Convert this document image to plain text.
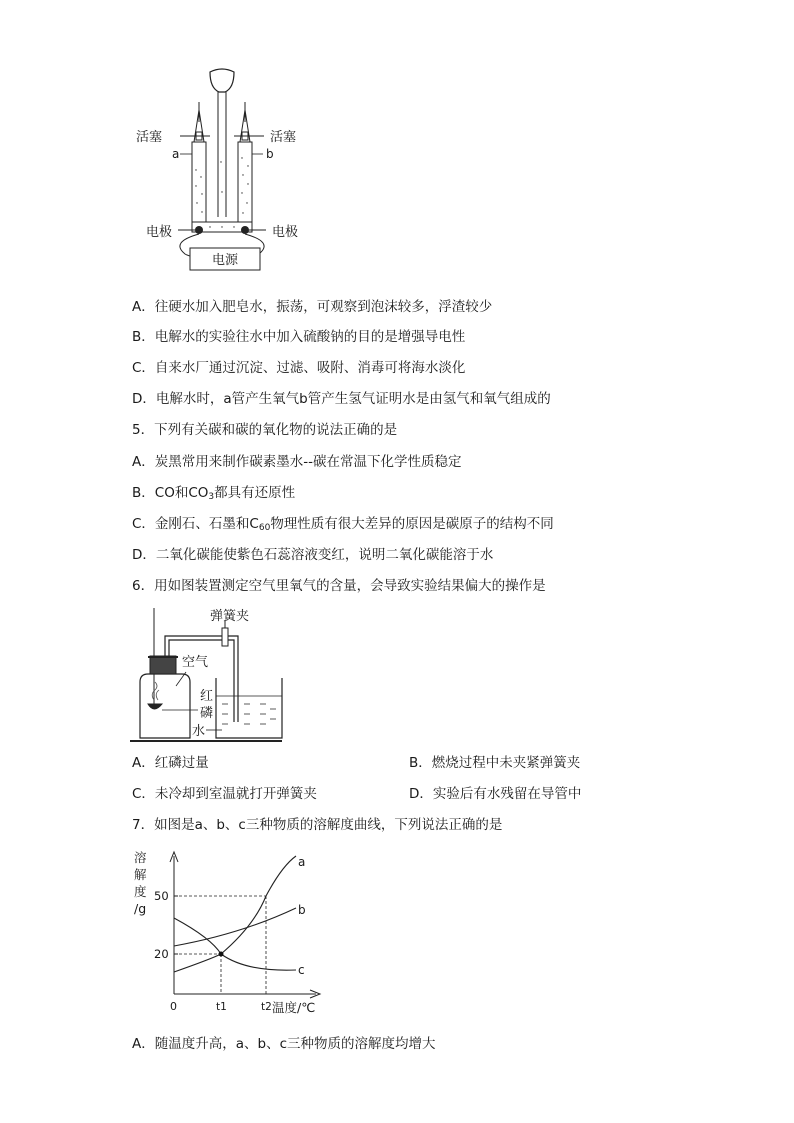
电源
活塞	活塞
a	b
电极	电极
A．往硬水加入肥皂水，振荡，可观察到泡沫较多，浮渣较少
B．电解水的实验往水中加入硫酸钠的目的是增强导电性
C．自来水厂通过沉淀、过滤、吸附、消毒可将海水淡化
D．电解水时，a管产生氧气b管产生氢气证明水是由氢气和氧气组成的
5．下列有关碳和碳的氧化物的说法正确的是
A．炭黑常用来制作碳素墨水--碳在常温下化学性质稳定
B．CO和$CO_3$都具有还原性
C．金刚石、石墨和$C_{60}$物理性质有很大差异的原因是碳原子的结构不同
D．二氧化碳能使紫色石蕊溶液变红，说明二氧化碳能溶于水
6．用如图装置测定空气里氧气的含量，会导致实验结果偏大的操作是
弹簧夹
空气
红
磷
水
A．红磷过量	B．燃烧过程中未夹紧弹簧夹
C．未冷却到室温就打开弹簧夹	D．实验后有水残留在导管中
7．如图是a、b、c三种物质的溶解度曲线，下列说法正确的是
溶
解
度
/g
温度/℃
0
20
50
t1	t2
a
b
c
A．随温度升高，a、b、c三种物质的溶解度均增大
